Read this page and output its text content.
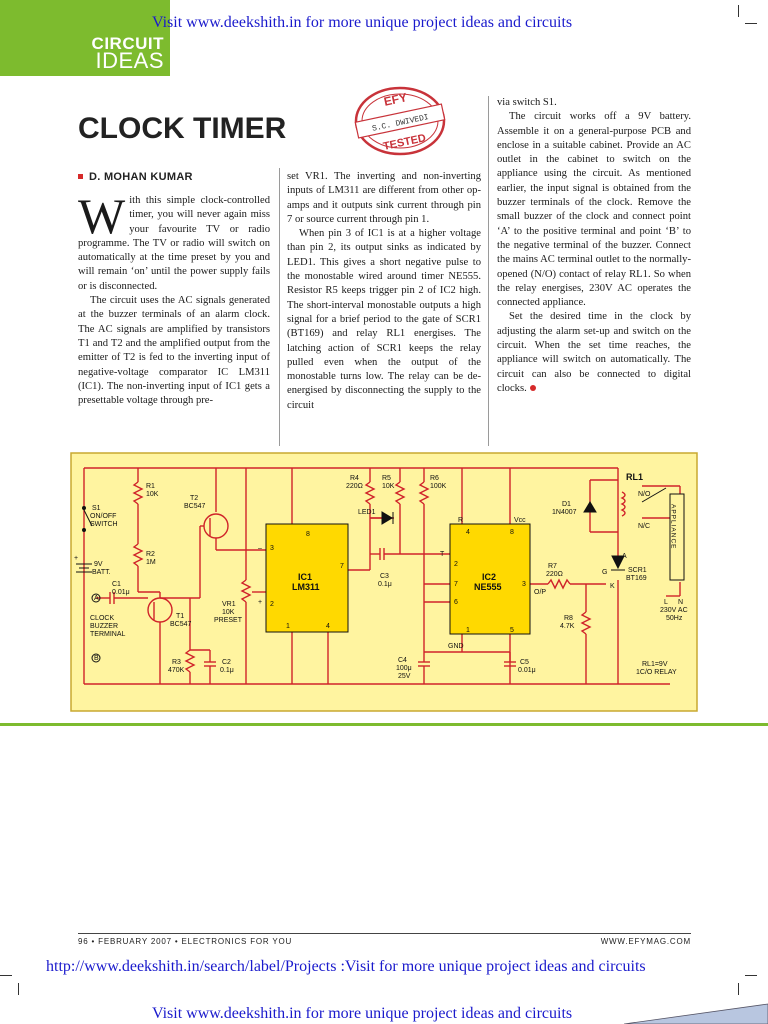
CIRCUIT
IDEAS
Visit www.deekshith.in for more unique project ideas and circuits
CLOCK TIMER
D. MOHAN KUMAR
EFY
S.C. DWIVEDI
TESTED

With this simple clock-controlled timer, you will never again miss your favourite TV or radio programme. The TV or radio will switch on automatically at the time preset by you and will remain ‘on’ until the power supply fails or is disconnected.

The circuit uses the AC signals generated at the buzzer terminals of an alarm clock. The AC signals are amplified by transistors T1 and T2 and the amplified output from the emitter of T2 is fed to the inverting input of negative-voltage comparator IC LM311 (IC1). The non-inverting input of IC1 gets a presettable voltage through pre-

set VR1. The inverting and non-inverting inputs of LM311 are different from other op-amps and it outputs sink current through pin 7 or source current through pin 1.

When pin 3 of IC1 is at a higher voltage than pin 2, its output sinks as indicated by LED1. This gives a short negative pulse to the monostable wired around timer NE555. Resistor R5 keeps trigger pin 2 of IC2 high. The short-interval monostable outputs a high signal for a brief period to the gate of SCR1 (BT169) and relay RL1 energises. The latching action of SCR1 keeps the relay pulled even when the output of the monostable turns low. The relay can be de-energised by disconnecting the supply to the circuit

via switch S1.

The circuit works off a 9V battery. Assemble it on a general-purpose PCB and enclose in a suitable cabinet. Provide an AC outlet in the cabinet to switch on the appliance using the circuit. As mentioned earlier, the input signal is obtained from the buzzer terminals of the clock. Remove the small buzzer of the clock and connect point ‘A’ to the positive terminal and point ‘B’ to the negative terminal of the buzzer. Connect the mains AC terminal outlet to the normally-opened (N/O) contact of relay RL1. So when the relay energises, 230V AC operates the connected appliance.

Set the desired time in the clock by adjusting the alarm set-up and switch on the circuit. When the set time reaches, the appliance will switch on automatically. The circuit can also be connected to digital clocks.

S1
ON/OFF
SWITCH
9V
BATT.
+
R1
10K
R2
1M
T2
BC547
C1
0.01μ
A
B
CLOCK
BUZZER
TERMINAL
T1
BC547
R3
470K
C2
0.1μ
VR1
10K
PRESET
–
+
3
2
8
7
1	4
IC1
LM311
R4
220Ω
LED1
R5
10K
R6
100K
C3
0.1μ
R	Vcc
T
4	8
2
7
6
3
1	5
IC2
NE555
GND
O/P
C4
100μ
25V
C5
0.01μ
R7
220Ω
R8
4.7K
D1
1N4007
RL1
N/O
N/C
A
G
K
SCR1
BT169
APPLIANCE
L N
230V AC
50Hz
RL1=9V
1C/O RELAY
96 • FEBRUARY 2007 • ELECTRONICS FOR YOU	WWW.EFYMAG.COM
http://www.deekshith.in/search/label/Projects :Visit for more unique project ideas and circuits
Visit www.deekshith.in for more unique project ideas and circuits
